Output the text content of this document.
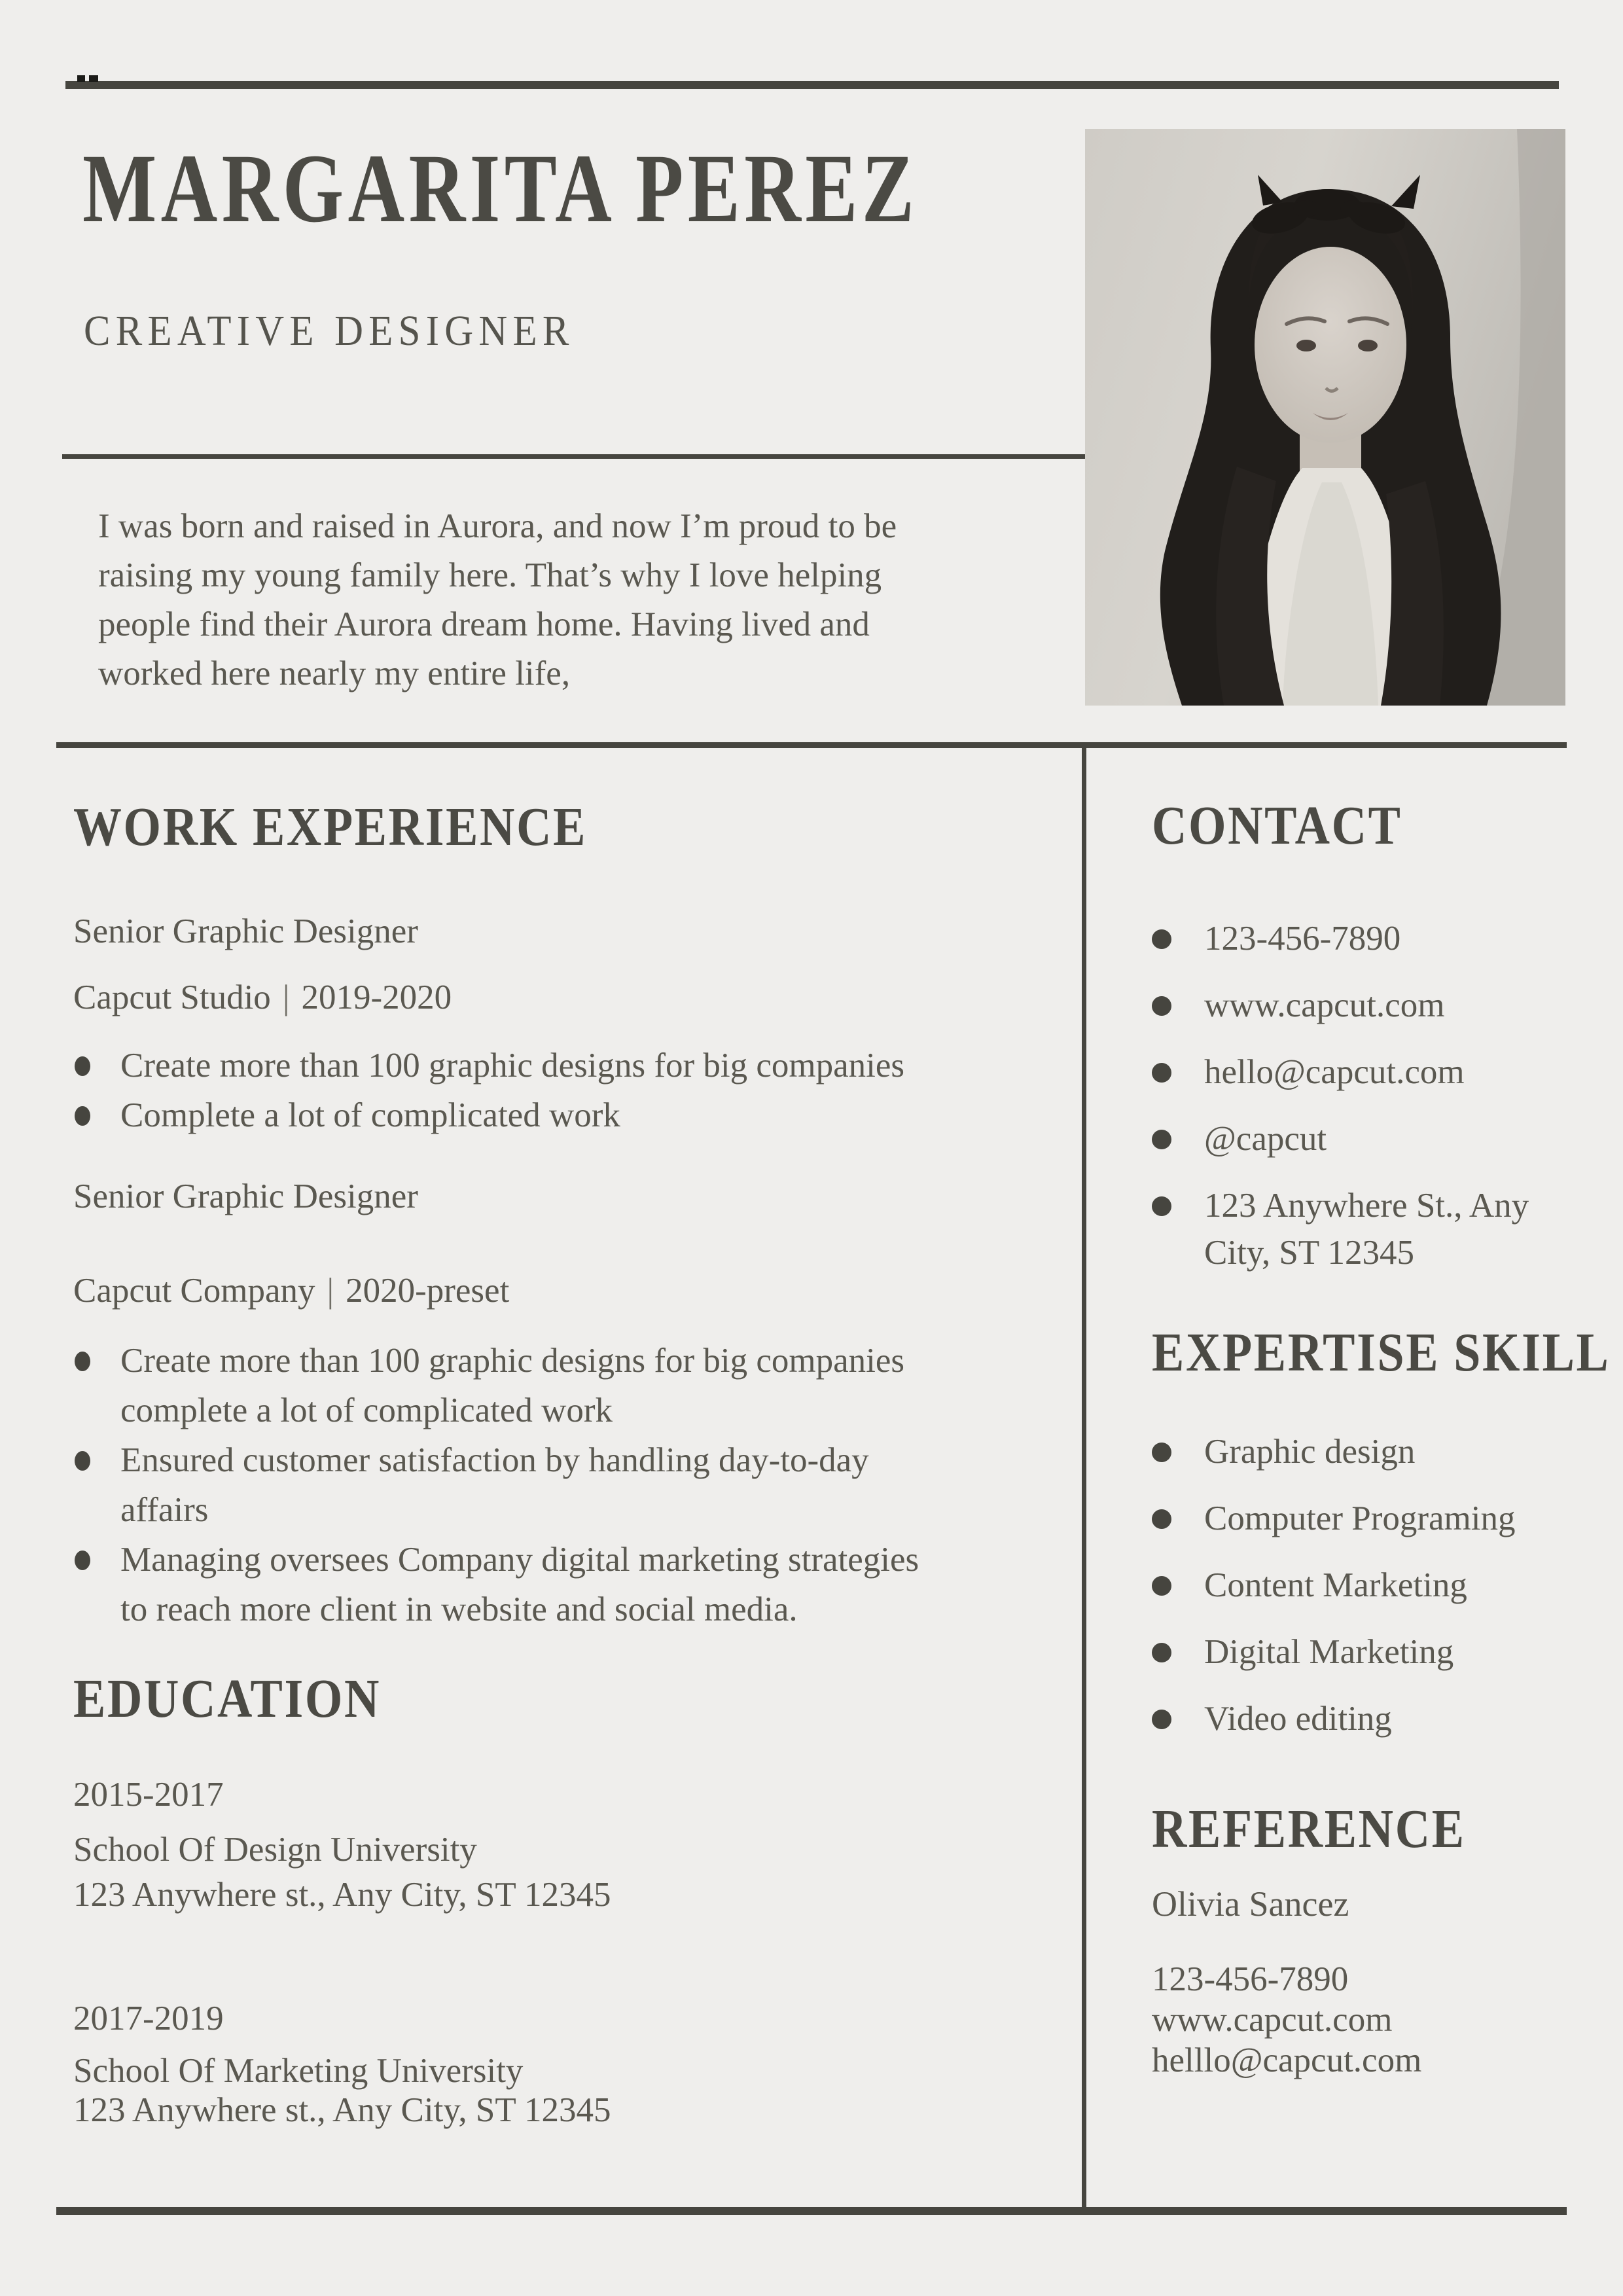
MARGARITA PEREZ
CREATIVE DESIGNER
I was born and raised in Aurora, and now I’m proud to be
raising my young family here. That’s why I love helping
people find their Aurora dream home. Having lived and
worked here nearly my entire life,
WORK EXPERIENCE
Senior Graphic Designer
Capcut Studio | 2019-2020
Create more than 100 graphic designs for big companies
Complete a lot of complicated work
Senior Graphic Designer
Capcut Company | 2020-preset
Create more than 100 graphic designs for big companies
complete a lot of complicated work
Ensured customer satisfaction by handling day-to-day
affairs
Managing oversees Company digital marketing strategies
to reach more client in website and social media.
EDUCATION
2015-2017
School Of Design University
123 Anywhere st., Any City, ST 12345
2017-2019
School Of Marketing University
123 Anywhere st., Any City, ST 12345
CONTACT
123-456-7890
www.capcut.com
hello@capcut.com
@capcut
123 Anywhere St., Any
City, ST 12345
EXPERTISE SKILL
Graphic design
Computer Programing
Content Marketing
Digital Marketing
Video editing
REFERENCE
Olivia Sancez
123-456-7890
www.capcut.com
helllo@capcut.com
